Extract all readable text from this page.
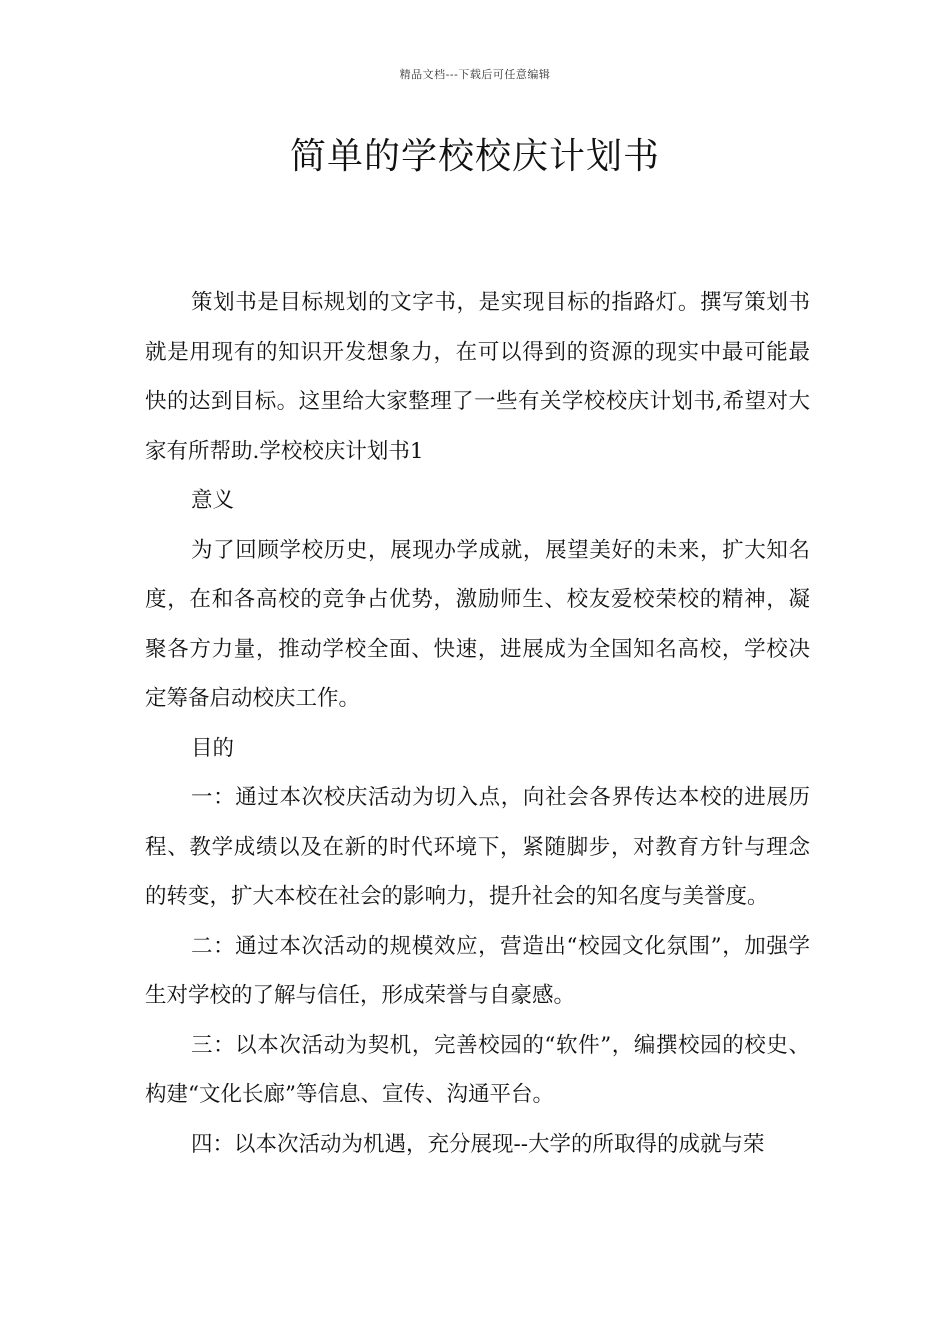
精品文档---下载后可任意编辑
简单的学校校庆计划书

策划书是目标规划的文字书，是实现目标的指路灯。撰写策划书就是用现有的知识开发想象力，在可以得到的资源的现实中最可能最快的达到目标。这里给大家整理了一些有关学校校庆计划书,希望对大家有所帮助.学校校庆计划书1

意义

为了回顾学校历史，展现办学成就，展望美好的未来，扩大知名度，在和各高校的竞争占优势，激励师生、校友爱校荣校的精神，凝聚各方力量，推动学校全面、快速，进展成为全国知名高校，学校决定筹备启动校庆工作。

目的

一：通过本次校庆活动为切入点，向社会各界传达本校的进展历程、教学成绩以及在新的时代环境下，紧随脚步，对教育方针与理念的转变，扩大本校在社会的影响力，提升社会的知名度与美誉度。

二：通过本次活动的规模效应，营造出“校园文化氛围”，加强学生对学校的了解与信任，形成荣誉与自豪感。

三：以本次活动为契机，完善校园的“软件”，编撰校园的校史、构建“文化长廊”等信息、宣传、沟通平台。

四：以本次活动为机遇，充分展现--大学的所取得的成就与荣
